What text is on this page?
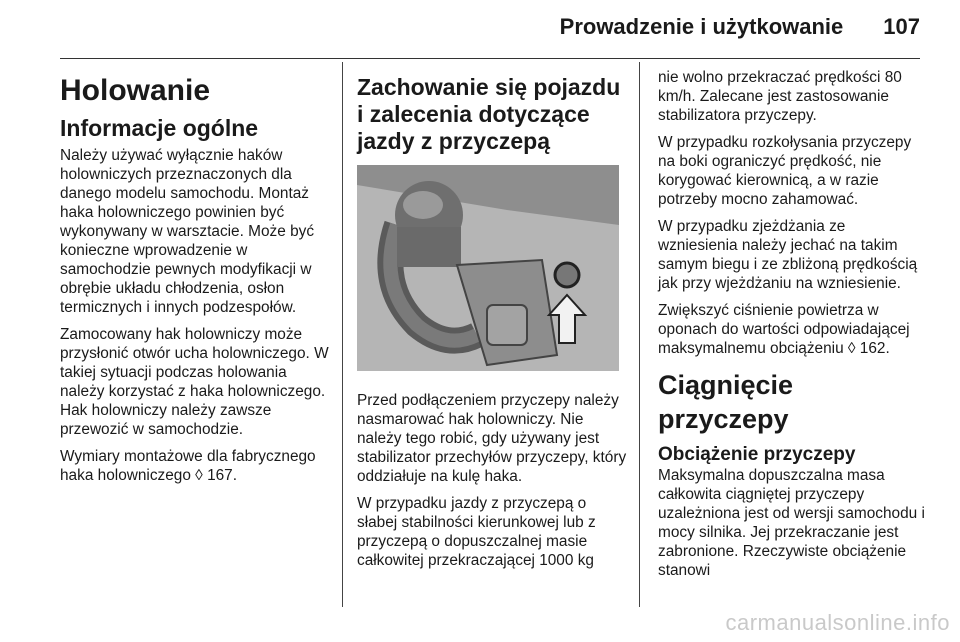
Prowadzenie i użytkowanie 107
Holowanie
Informacje ogólne

Należy używać wyłącznie haków holowniczych przeznaczonych dla danego modelu samochodu. Montaż haka holowniczego powinien być wykonywany w warsztacie. Może być konieczne wprowadzenie w samochodzie pewnych modyfikacji w obrębie układu chłodzenia, osłon termicznych i innych podzespołów.

Zamocowany hak holowniczy może przysłonić otwór ucha holowniczego. W takiej sytuacji podczas holowania należy korzystać z haka holowniczego. Hak holowniczy należy zawsze przewozić w samochodzie.

Wymiary montażowe dla fabrycznego haka holowniczego ◊ 167.

Zachowanie się pojazdu i zalecenia dotyczące jazdy z przyczepą

Przed podłączeniem przyczepy należy nasmarować hak holowniczy. Nie należy tego robić, gdy używany jest stabilizator przechyłów przyczepy, który oddziałuje na kulę haka.

W przypadku jazdy z przyczepą o słabej stabilności kierunkowej lub z przyczepą o dopuszczalnej masie całkowitej przekraczającej 1000 kg

nie wolno przekraczać prędkości 80 km/h. Zalecane jest zastosowanie stabilizatora przyczepy.

W przypadku rozkołysania przyczepy na boki ograniczyć prędkość, nie korygować kierownicą, a w razie potrzeby mocno zahamować.

W przypadku zjeżdżania ze wzniesienia należy jechać na takim samym biegu i ze zbliżoną prędkością jak przy wjeżdżaniu na wzniesienie.

Zwiększyć ciśnienie powietrza w oponach do wartości odpowiadającej maksymalnemu obciążeniu ◊ 162.

Ciągnięcie przyczepy
Obciążenie przyczepy

Maksymalna dopuszczalna masa całkowita ciągniętej przyczepy uzależniona jest od wersji samochodu i mocy silnika. Jej przekraczanie jest zabronione. Rzeczywiste obciążenie stanowi

carmanualsonline.info
